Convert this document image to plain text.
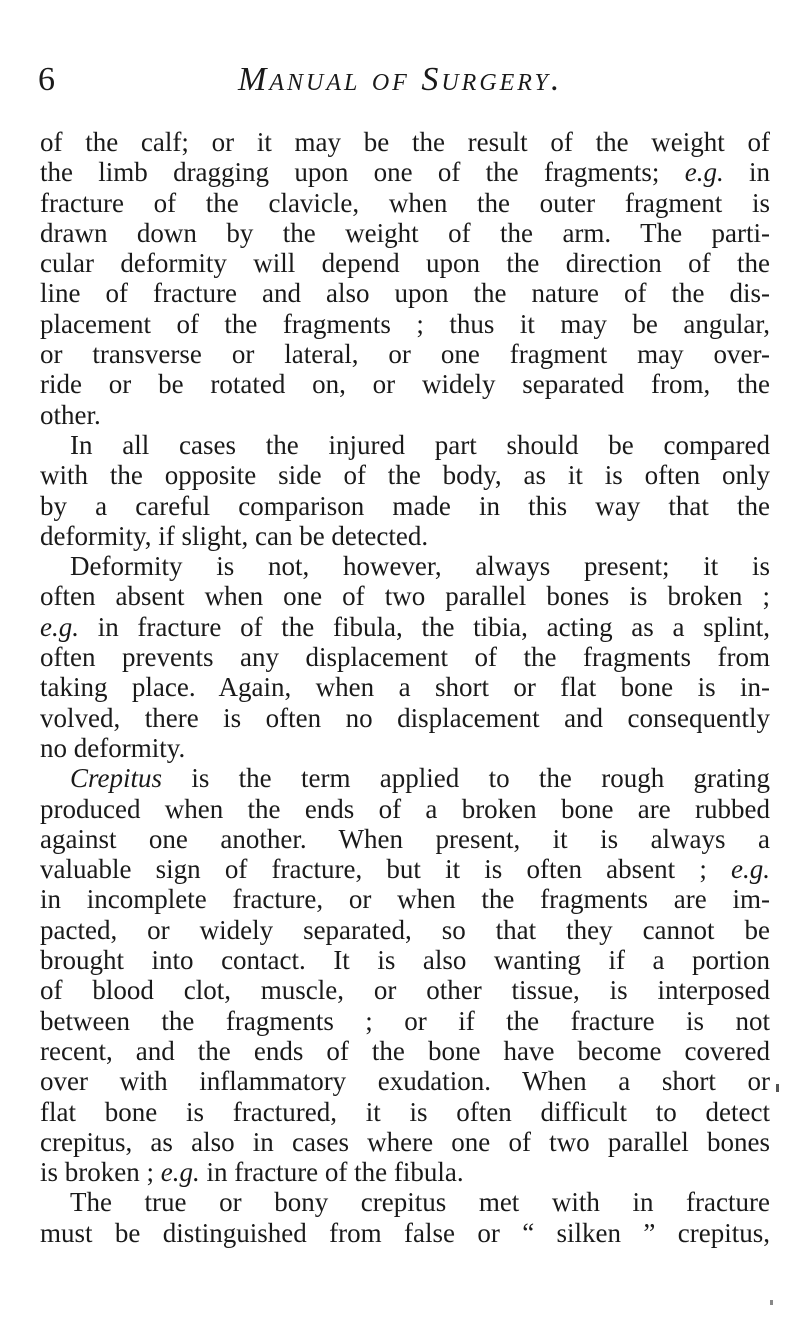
6	Manual of Surgery.
of the calf; or it may be the result of the weight of
the limb dragging upon one of the fragments; e.g. in
fracture of the clavicle, when the outer fragment is
drawn down by the weight of the arm. The parti-
cular deformity will depend upon the direction of the
line of fracture and also upon the nature of the dis-
placement of the fragments ; thus it may be angular,
or transverse or lateral, or one fragment may over-
ride or be rotated on, or widely separated from, the
other.
In all cases the injured part should be compared
with the opposite side of the body, as it is often only
by a careful comparison made in this way that the
deformity, if slight, can be detected.
Deformity is not, however, always present; it is
often absent when one of two parallel bones is broken ;
e.g. in fracture of the fibula, the tibia, acting as a splint,
often prevents any displacement of the fragments from
taking place. Again, when a short or flat bone is in-
volved, there is often no displacement and consequently
no deformity.
Crepitus is the term applied to the rough grating
produced when the ends of a broken bone are rubbed
against one another. When present, it is always a
valuable sign of fracture, but it is often absent ; e.g.
in incomplete fracture, or when the fragments are im-
pacted, or widely separated, so that they cannot be
brought into contact. It is also wanting if a portion
of blood clot, muscle, or other tissue, is interposed
between the fragments ; or if the fracture is not
recent, and the ends of the bone have become covered
over with inflammatory exudation. When a short or
flat bone is fractured, it is often difficult to detect
crepitus, as also in cases where one of two parallel bones
is broken ; e.g. in fracture of the fibula.
The true or bony crepitus met with in fracture
must be distinguished from false or “ silken ” crepitus,
